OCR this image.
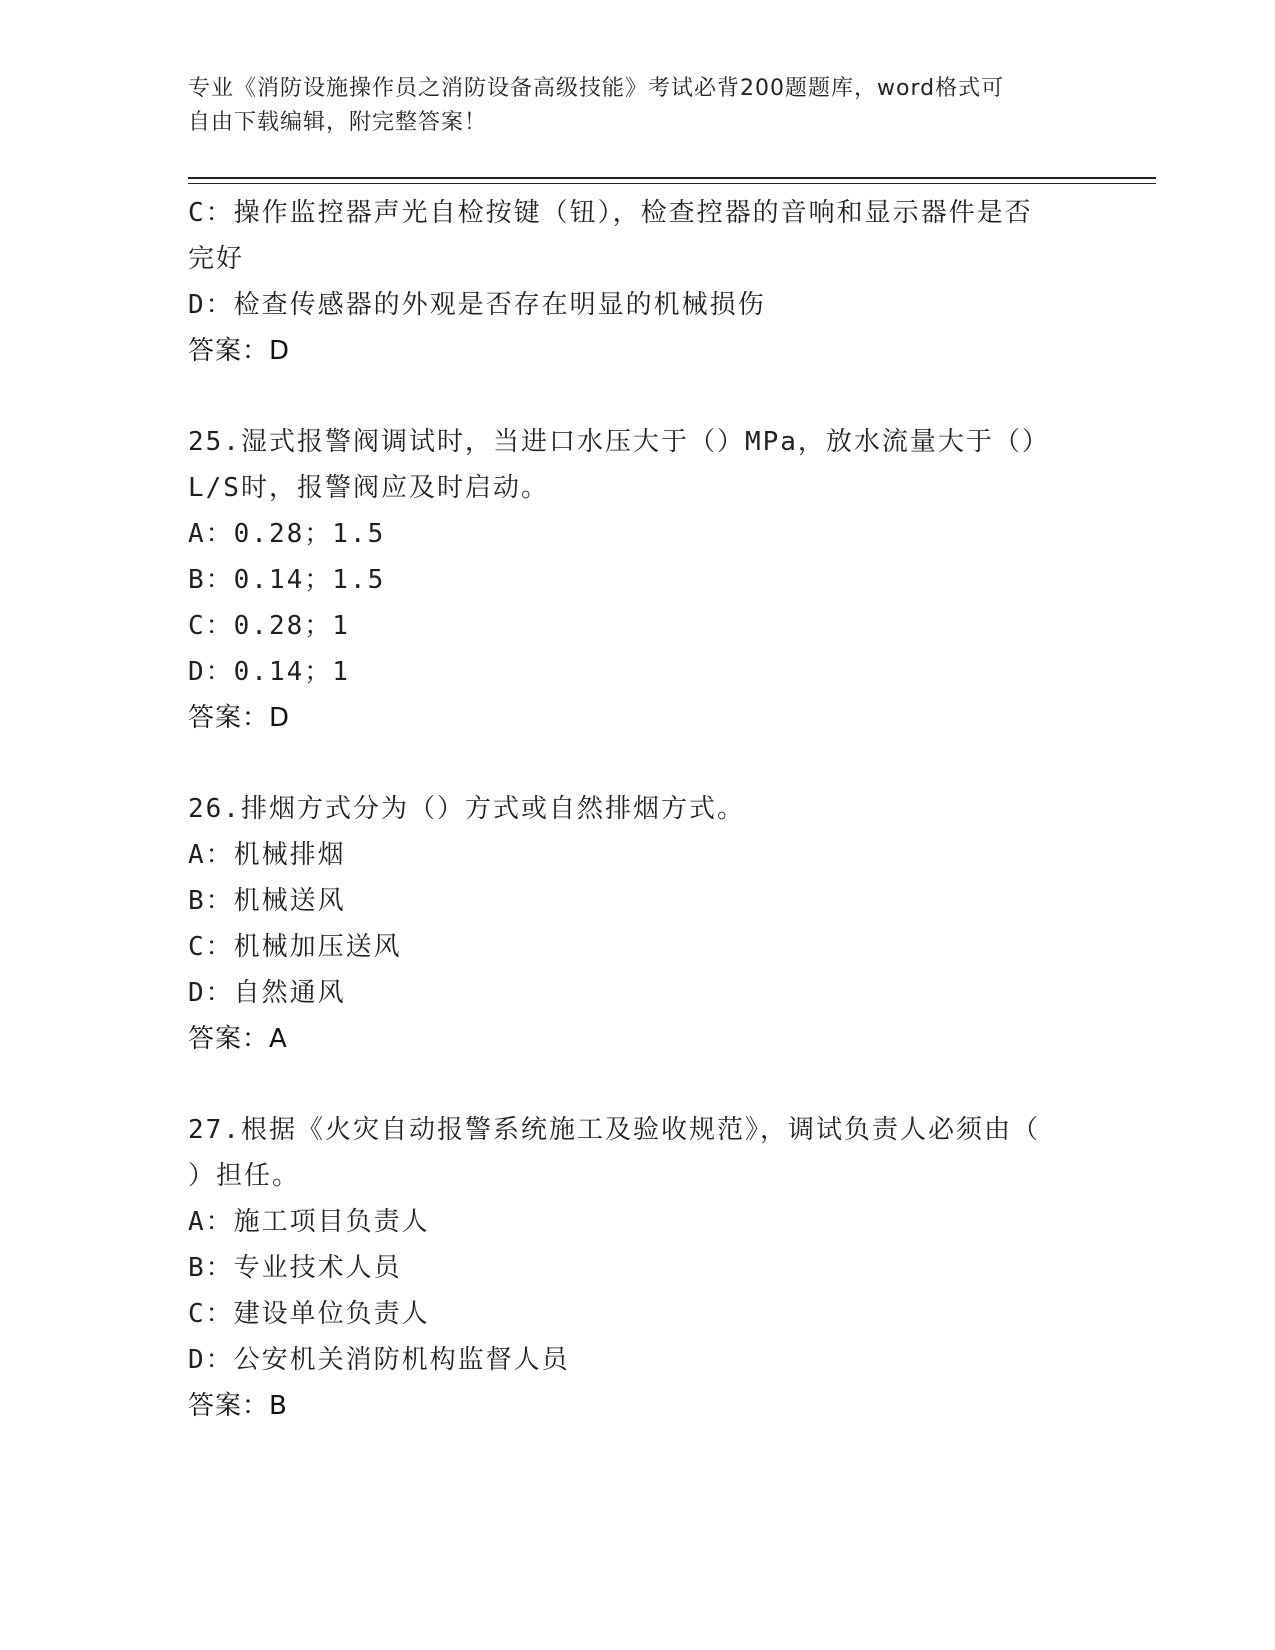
专业《消防设施操作员之消防设备高级技能》考试必背200题题库，word格式可
自由下载编辑，附完整答案！
C：操作监控器声光自检按键（钮），检查控器的音响和显示器件是否
完好
D：检查传感器的外观是否存在明显的机械损伤
答案：D
25.湿式报警阀调试时，当进口水压大于（）MPa，放水流量大于（）
L/S时，报警阀应及时启动。
A：0.28；1.5
B：0.14；1.5
C：0.28；1
D：0.14；1
答案：D
26.排烟方式分为（）方式或自然排烟方式。
A：机械排烟
B：机械送风
C：机械加压送风
D：自然通风
答案：A
27.根据《火灾自动报警系统施工及验收规范》，调试负责人必须由（
）担任。
A：施工项目负责人
B：专业技术人员
C：建设单位负责人
D：公安机关消防机构监督人员
答案：B
